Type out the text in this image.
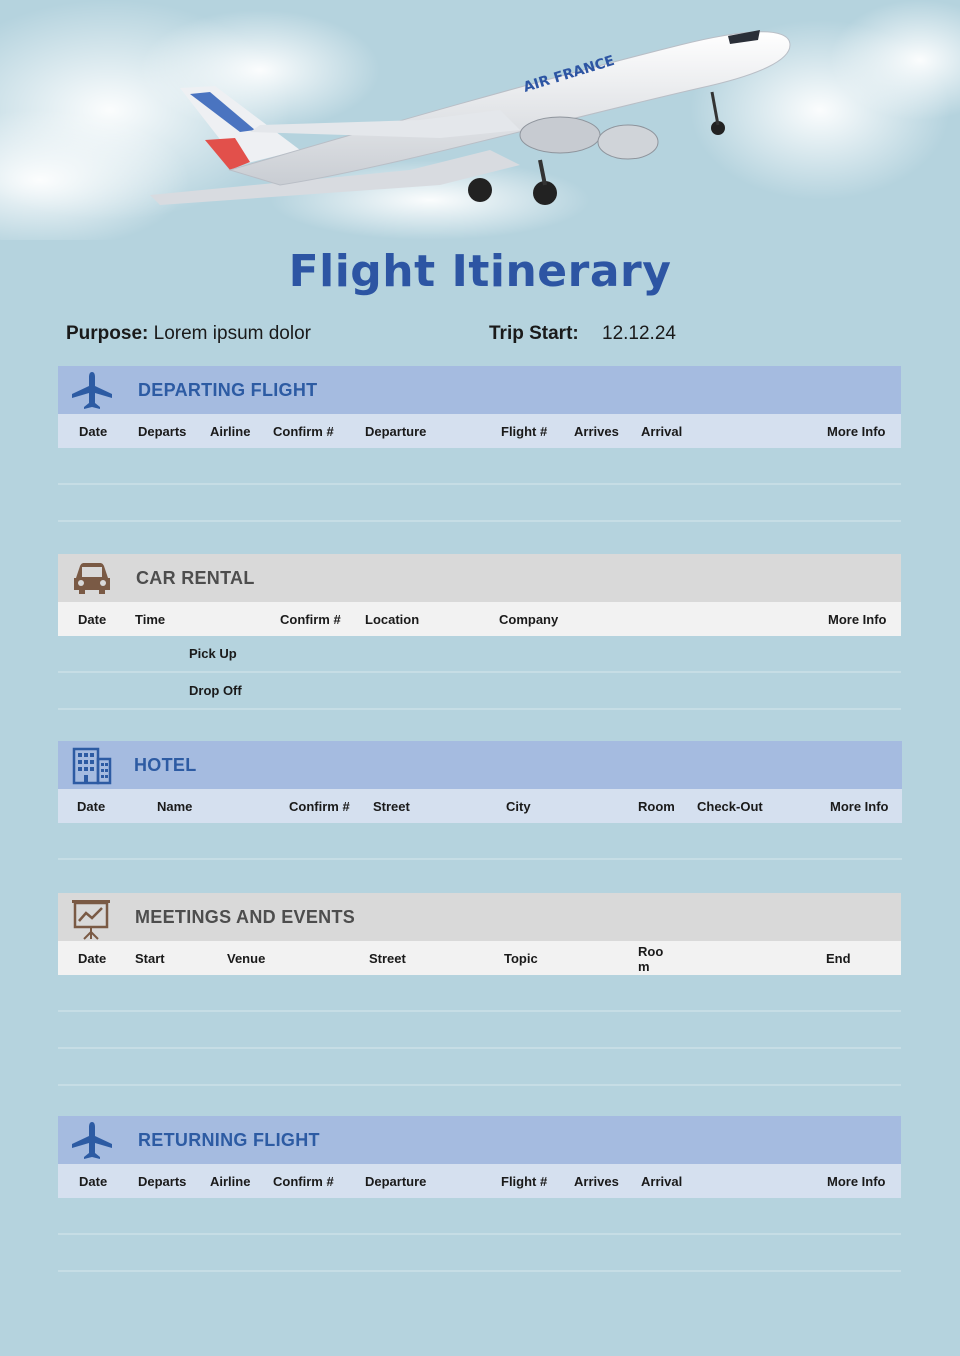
AIR FRANCE
Flight Itinerary
Purpose: Lorem ipsum dolor	Trip Start: 12.12.24
DEPARTING FLIGHT
Date Departs Airline Confirm # Departure	Flight # Arrives Arrival	More Info
CAR RENTAL
Date Time	Confirm # Location	Company	More Info
Pick Up
Drop Off
HOTEL
Date	Name	Confirm # Street	City	Room Check-Out	More Info
MEETINGS AND EVENTS
Date Start	Venue	Street	Topic	Roo
m
End
RETURNING FLIGHT
Date Departs Airline Confirm # Departure	Flight # Arrives Arrival	More Info
